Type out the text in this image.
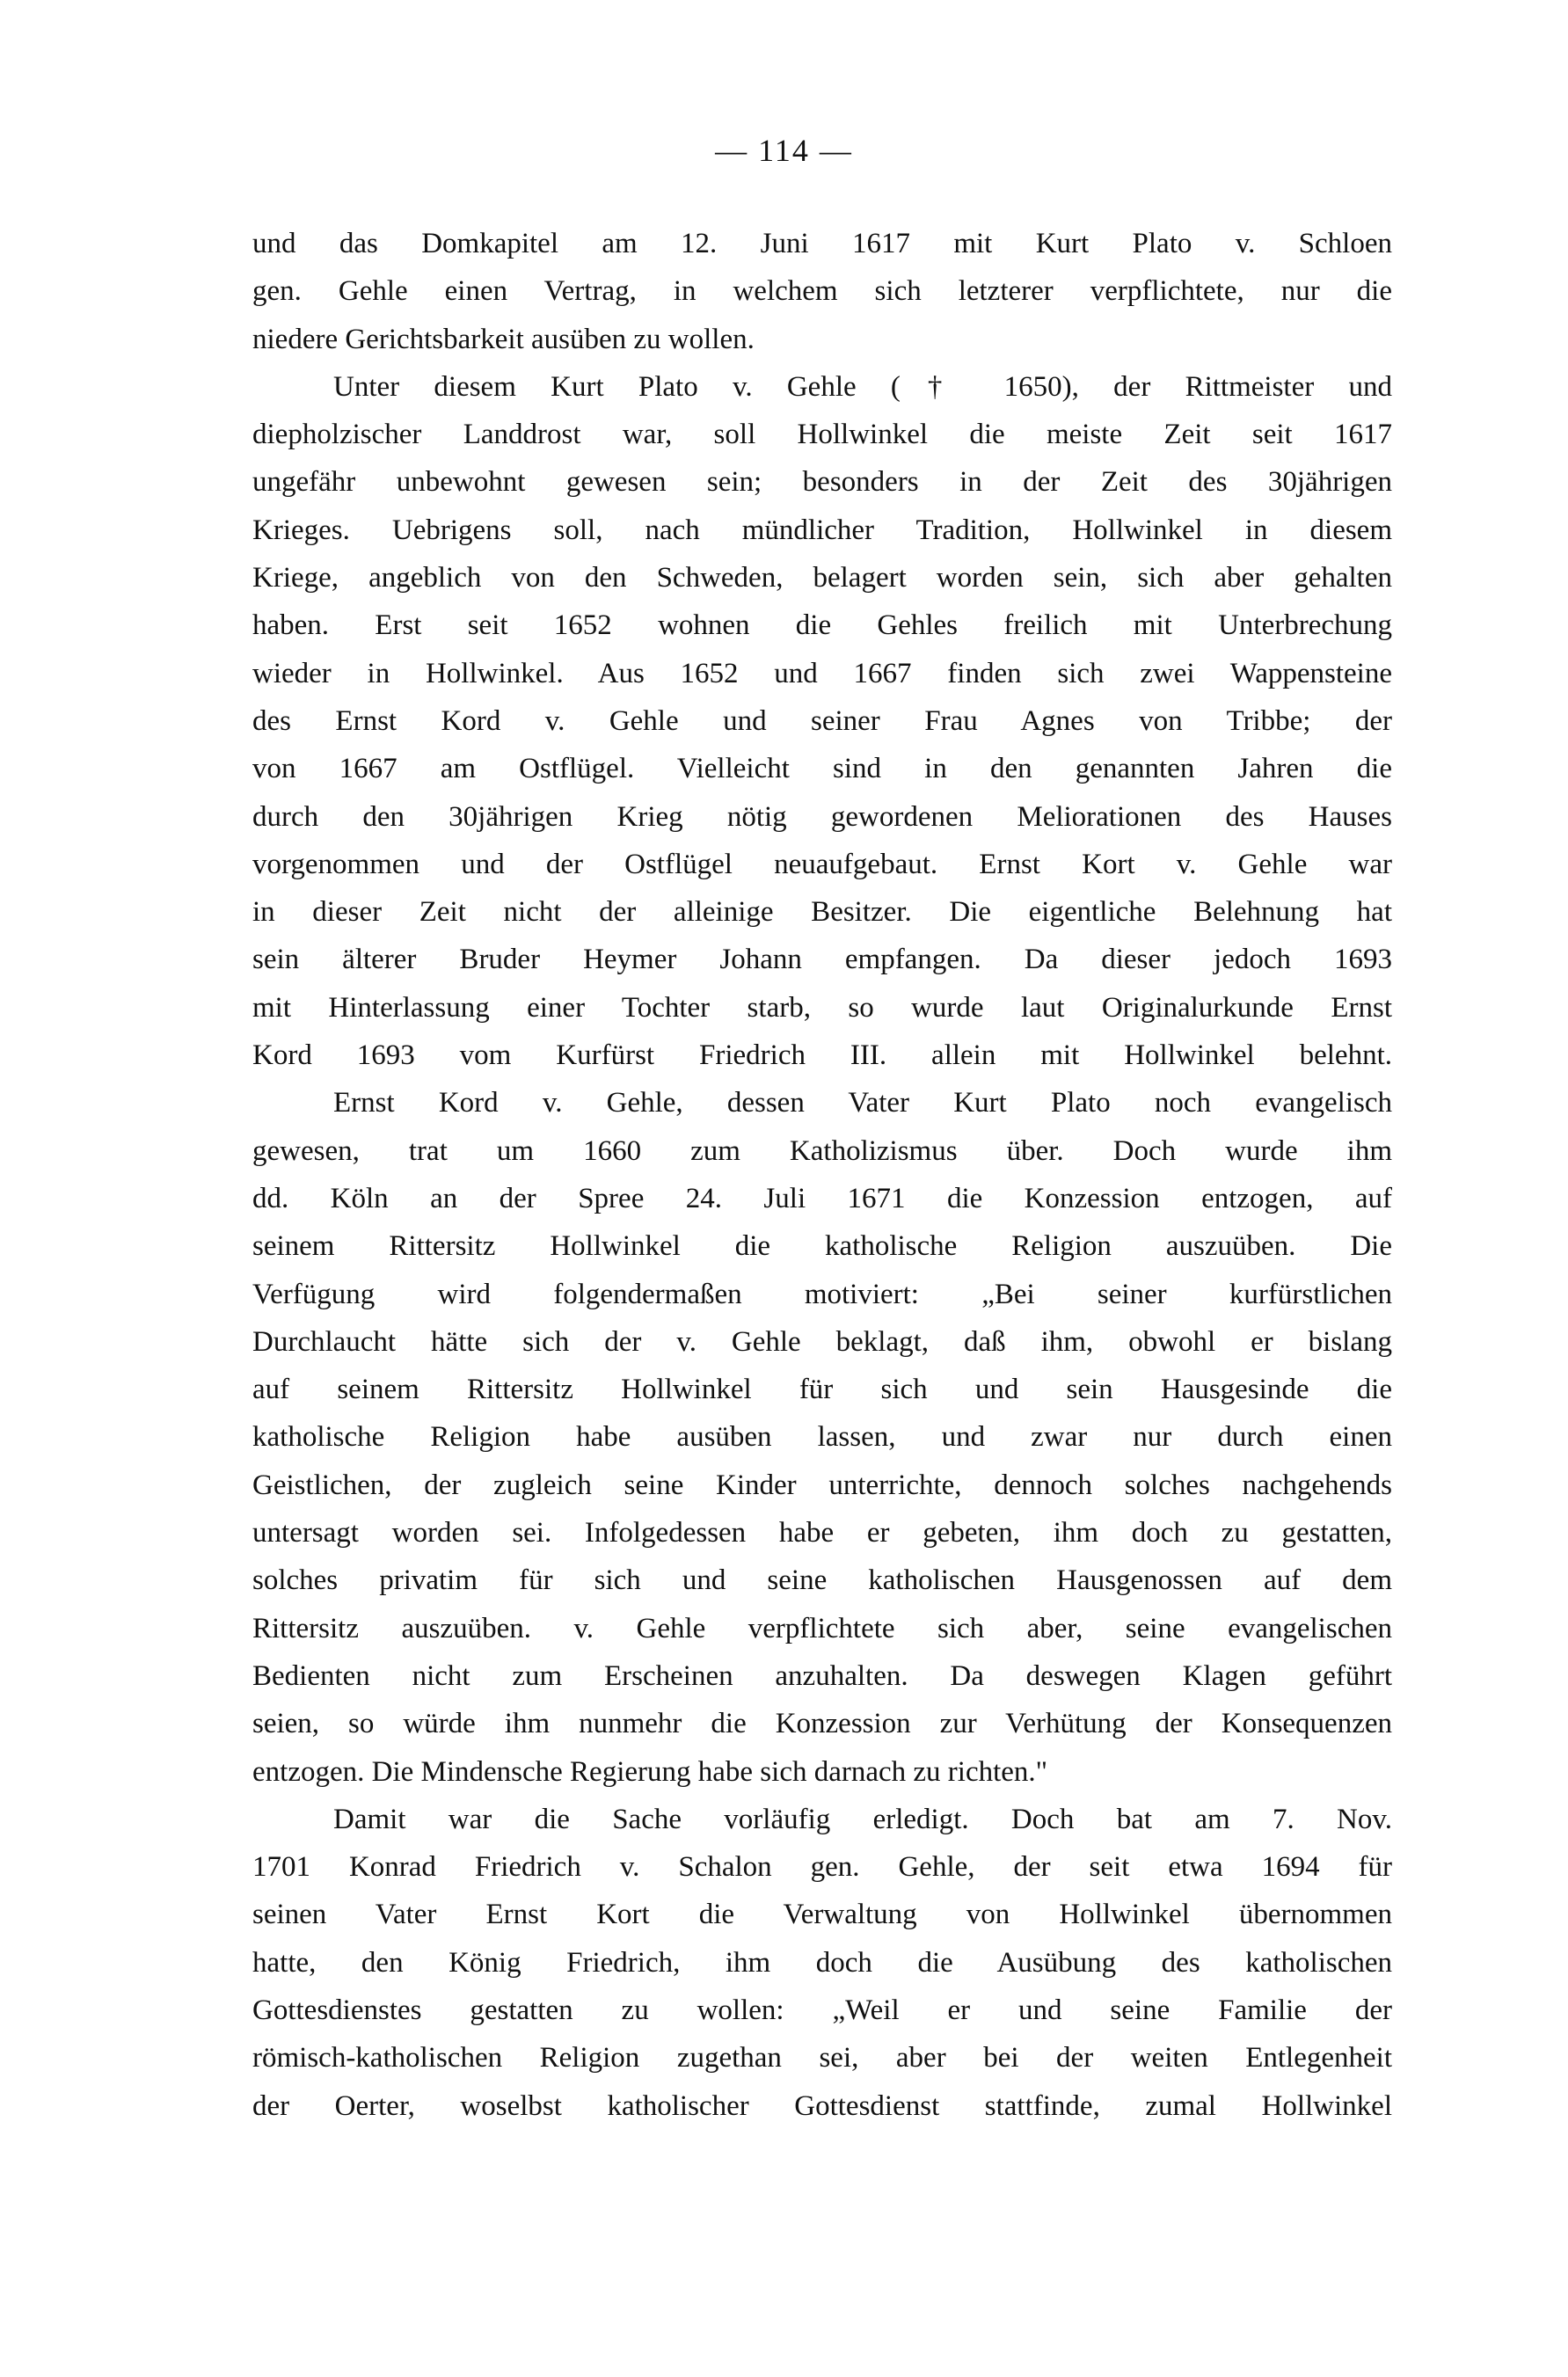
— 114 —
und das Domkapitel am 12. Juni 1617 mit Kurt Plato v. Schloen
gen. Gehle einen Vertrag, in welchem sich letzterer verpflichtete, nur die
niedere Gerichtsbarkeit ausüben zu wollen.
Unter diesem Kurt Plato v. Gehle († 1650), der Rittmeister und
diepholzischer Landdrost war, soll Hollwinkel die meiste Zeit seit 1617
ungefähr unbewohnt gewesen sein; besonders in der Zeit des 30jährigen
Krieges. Uebrigens soll, nach mündlicher Tradition, Hollwinkel in diesem
Kriege, angeblich von den Schweden, belagert worden sein, sich aber gehalten
haben. Erst seit 1652 wohnen die Gehles freilich mit Unterbrechung
wieder in Hollwinkel. Aus 1652 und 1667 finden sich zwei Wappensteine
des Ernst Kord v. Gehle und seiner Frau Agnes von Tribbe; der
von 1667 am Ostflügel. Vielleicht sind in den genannten Jahren die
durch den 30jährigen Krieg nötig gewordenen Meliorationen des Hauses
vorgenommen und der Ostflügel neuaufgebaut. Ernst Kort v. Gehle war
in dieser Zeit nicht der alleinige Besitzer. Die eigentliche Belehnung hat
sein älterer Bruder Heymer Johann empfangen. Da dieser jedoch 1693
mit Hinterlassung einer Tochter starb, so wurde laut Originalurkunde Ernst
Kord 1693 vom Kurfürst Friedrich III. allein mit Hollwinkel belehnt.
Ernst Kord v. Gehle, dessen Vater Kurt Plato noch evangelisch
gewesen, trat um 1660 zum Katholizismus über. Doch wurde ihm
dd. Köln an der Spree 24. Juli 1671 die Konzession entzogen, auf
seinem Rittersitz Hollwinkel die katholische Religion auszuüben. Die
Verfügung wird folgendermaßen motiviert: „Bei seiner kurfürstlichen
Durchlaucht hätte sich der v. Gehle beklagt, daß ihm, obwohl er bislang
auf seinem Rittersitz Hollwinkel für sich und sein Hausgesinde die
katholische Religion habe ausüben lassen, und zwar nur durch einen
Geistlichen, der zugleich seine Kinder unterrichte, dennoch solches nachgehends
untersagt worden sei. Infolgedessen habe er gebeten, ihm doch zu gestatten,
solches privatim für sich und seine katholischen Hausgenossen auf dem
Rittersitz auszuüben. v. Gehle verpflichtete sich aber, seine evangelischen
Bedienten nicht zum Erscheinen anzuhalten. Da deswegen Klagen geführt
seien, so würde ihm nunmehr die Konzession zur Verhütung der Konsequenzen
entzogen. Die Mindensche Regierung habe sich darnach zu richten."
Damit war die Sache vorläufig erledigt. Doch bat am 7. Nov.
1701 Konrad Friedrich v. Schalon gen. Gehle, der seit etwa 1694 für
seinen Vater Ernst Kort die Verwaltung von Hollwinkel übernommen
hatte, den König Friedrich, ihm doch die Ausübung des katholischen
Gottesdienstes gestatten zu wollen: „Weil er und seine Familie der
römisch-katholischen Religion zugethan sei, aber bei der weiten Entlegenheit
der Oerter, woselbst katholischer Gottesdienst stattfinde, zumal Hollwinkel
